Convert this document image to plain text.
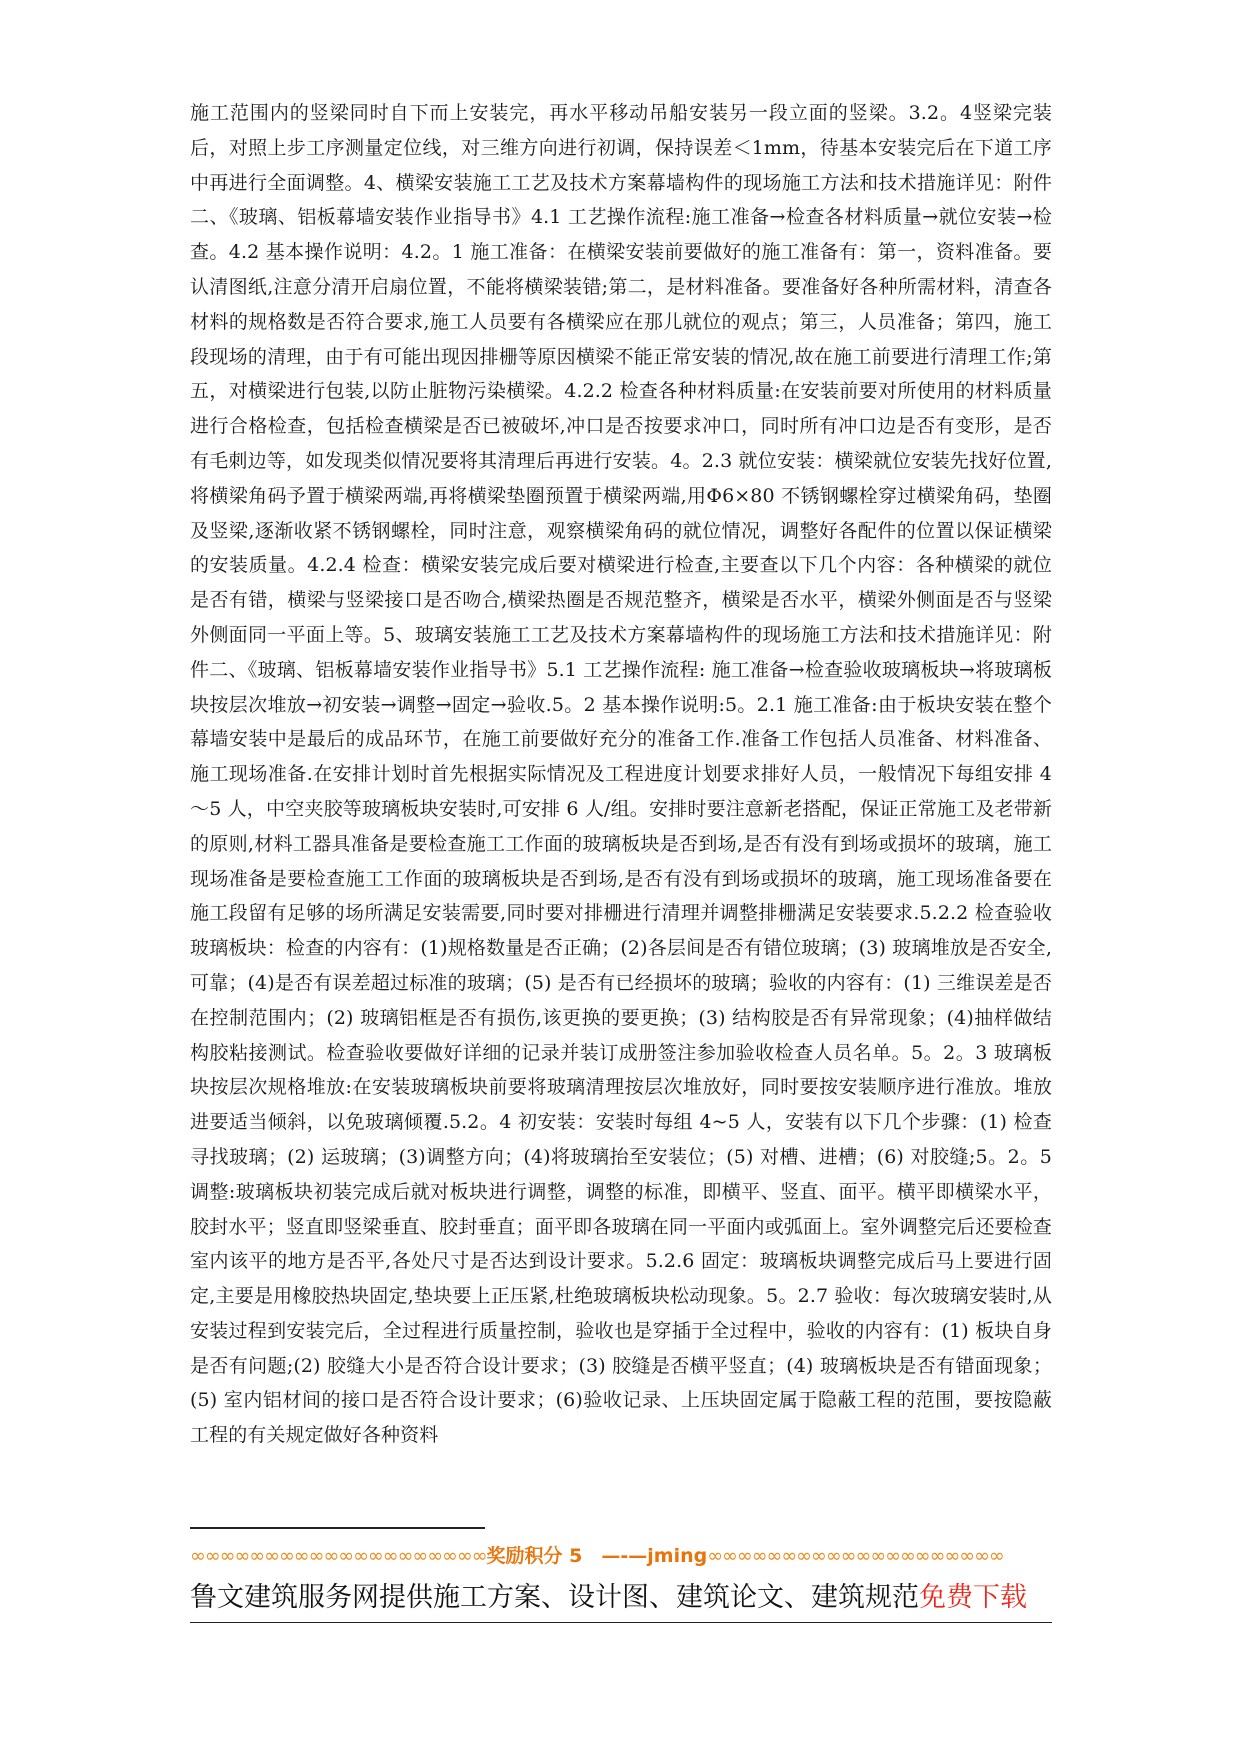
施工范围内的竖梁同时自下而上安装完，再水平移动吊船安装另一段立面的竖梁。3.2。4竖梁完装后，对照上步工序测量定位线，对三维方向进行初调，保持误差＜1mm，待基本安装完后在下道工序中再进行全面调整。4、横梁安装施工工艺及技术方案幕墙构件的现场施工方法和技术措施详见：附件二、《玻璃、铝板幕墙安装作业指导书》4.1 工艺操作流程:施工准备→检查各材料质量→就位安装→检查。4.2 基本操作说明：4.2。1 施工准备：在横梁安装前要做好的施工准备有：第一，资料准备。要认清图纸,注意分清开启扇位置，不能将横梁装错;第二，是材料准备。要准备好各种所需材料，清查各材料的规格数是否符合要求,施工人员要有各横梁应在那儿就位的观点；第三，人员准备；第四，施工段现场的清理，由于有可能出现因排栅等原因横梁不能正常安装的情况,故在施工前要进行清理工作;第五，对横梁进行包装,以防止脏物污染横梁。4.2.2 检查各种材料质量:在安装前要对所使用的材料质量进行合格检查，包括检查横梁是否已被破坏,冲口是否按要求冲口，同时所有冲口边是否有变形，是否有毛刺边等，如发现类似情况要将其清理后再进行安装。4。2.3 就位安装：横梁就位安装先找好位置,将横梁角码予置于横梁两端,再将横梁垫圈预置于横梁两端,用Φ6×80 不锈钢螺栓穿过横梁角码，垫圈及竖梁,逐渐收紧不锈钢螺栓，同时注意，观察横梁角码的就位情况，调整好各配件的位置以保证横梁的安装质量。4.2.4 检查：横梁安装完成后要对横梁进行检查,主要查以下几个内容：各种横梁的就位是否有错，横梁与竖梁接口是否吻合,横梁热圈是否规范整齐，横梁是否水平，横梁外侧面是否与竖梁外侧面同一平面上等。5、玻璃安装施工工艺及技术方案幕墙构件的现场施工方法和技术措施详见：附件二、《玻璃、铝板幕墙安装作业指导书》5.1 工艺操作流程: 施工准备→检查验收玻璃板块→将玻璃板块按层次堆放→初安装→调整→固定→验收.5。2 基本操作说明:5。2.1 施工准备:由于板块安装在整个幕墙安装中是最后的成品环节，在施工前要做好充分的准备工作.准备工作包括人员准备、材料准备、施工现场准备.在安排计划时首先根据实际情况及工程进度计划要求排好人员，一般情况下每组安排 4～5 人，中空夹胶等玻璃板块安装时,可安排 6 人/组。安排时要注意新老搭配，保证正常施工及老带新的原则,材料工器具准备是要检查施工工作面的玻璃板块是否到场,是否有没有到场或损坏的玻璃，施工现场准备是要检查施工工作面的玻璃板块是否到场,是否有没有到场或损坏的玻璃，施工现场准备要在施工段留有足够的场所满足安装需要,同时要对排栅进行清理并调整排栅满足安装要求.5.2.2 检查验收玻璃板块：检查的内容有：(1)规格数量是否正确；(2)各层间是否有错位玻璃；(3) 玻璃堆放是否安全,可靠；(4)是否有误差超过标准的玻璃；(5) 是否有已经损坏的玻璃；验收的内容有：(1) 三维误差是否在控制范围内；(2) 玻璃铝框是否有损伤,该更换的要更换；(3) 结构胶是否有异常现象；(4)抽样做结构胶粘接测试。检查验收要做好详细的记录并装订成册签注参加验收检查人员名单。5。2。3 玻璃板块按层次规格堆放:在安装玻璃板块前要将玻璃清理按层次堆放好，同时要按安装顺序进行准放。堆放进要适当倾斜，以免玻璃倾覆.5.2。4 初安装：安装时每组 4~5 人，安装有以下几个步骤：(1) 检查寻找玻璃；(2) 运玻璃；(3)调整方向；(4)将玻璃抬至安装位；(5) 对槽、进槽；(6) 对胶缝;5。2。5 调整:玻璃板块初装完成后就对板块进行调整，调整的标准，即横平、竖直、面平。横平即横梁水平，胶封水平；竖直即竖梁垂直、胶封垂直；面平即各玻璃在同一平面内或弧面上。室外调整完后还要检查室内该平的地方是否平,各处尺寸是否达到设计要求。5.2.6 固定：玻璃板块调整完成后马上要进行固定,主要是用橡胶热块固定,垫块要上正压紧,杜绝玻璃板块松动现象。5。2.7 验收：每次玻璃安装时,从安装过程到安装完后，全过程进行质量控制，验收也是穿插于全过程中，验收的内容有：(1) 板块自身是否有问题;(2) 胶缝大小是否符合设计要求；(3) 胶缝是否横平竖直；(4) 玻璃板块是否有错面现象；(5) 室内铝材间的接口是否符合设计要求；(6)验收记录、上压块固定属于隐蔽工程的范围，要按隐蔽工程的有关规定做好各种资料

∞∞∞∞∞∞∞∞∞∞∞∞∞∞∞∞∞∞∞∞奖励积分 5　—-—jming∞∞∞∞∞∞∞∞∞∞∞∞∞∞∞∞∞∞∞∞
鲁文建筑服务网提供施工方案、设计图、建筑论文、建筑规范免费下载
